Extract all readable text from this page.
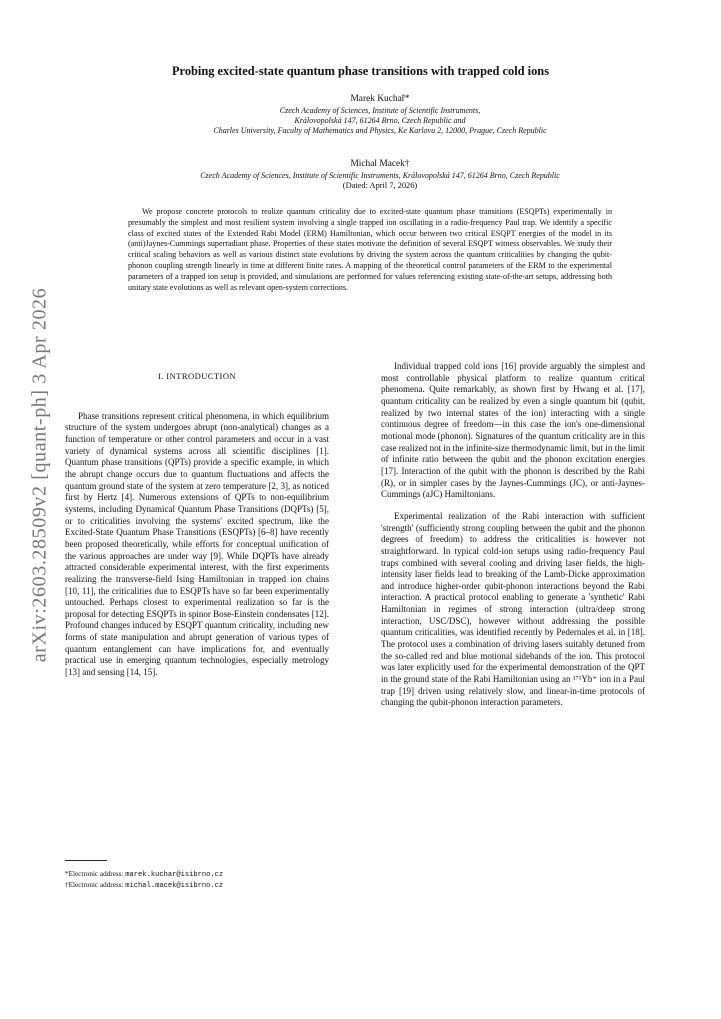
arXiv:2603.28509v2 [quant-ph] 3 Apr 2026
Probing excited-state quantum phase transitions with trapped cold ions
Marek Kuchař*
Czech Academy of Sciences, Institute of Scientific Instruments,
Královopolská 147, 61264 Brno, Czech Republic and
Charles University, Faculty of Mathematics and Physics, Ke Karlovu 2, 12000, Prague, Czech Republic
Michal Macek†
Czech Academy of Sciences, Institute of Scientific Instruments, Královopolská 147, 61264 Brno, Czech Republic
(Dated: April 7, 2026)
We propose concrete protocols to realize quantum criticality due to excited-state quantum phase transitions (ESQPTs) experimentally in presumably the simplest and most resilient system involving a single trapped ion oscillating in a radio-frequency Paul trap. We identify a specific class of excited states of the Extended Rabi Model (ERM) Hamiltonian, which occur between two critical ESQPT energies of the model in its (anti)Jaynes-Cummings superradiant phase. Properties of these states motivate the definition of several ESQPT witness observables. We study their critical scaling behaviors as well as various distinct state evolutions by driving the system across the quantum criticalities by changing the qubit-phonon coupling strength linearly in time at different finite rates. A mapping of the theoretical control parameters of the ERM to the experimental parameters of a trapped ion setup is provided, and simulations are performed for values referencing existing state-of-the-art setups, addressing both unitary state evolutions as well as relevant open-system corrections.
I. INTRODUCTION

Phase transitions represent critical phenomena, in which equilibrium structure of the system undergoes abrupt (non-analytical) changes as a function of temperature or other control parameters and occur in a vast variety of dynamical systems across all scientific disciplines [1]. Quantum phase transitions (QPTs) provide a specific example, in which the abrupt change occurs due to quantum fluctuations and affects the quantum ground state of the system at zero temperature [2, 3], as noticed first by Hertz [4]. Numerous extensions of QPTs to non-equilibrium systems, including Dynamical Quantum Phase Transitions (DQPTs) [5], or to criticalities involving the systems' excited spectrum, like the Excited-State Quantum Phase Transitions (ESQPTs) [6–8] have recently been proposed theoretically, while efforts for conceptual unification of the various approaches are under way [9]. While DQPTs have already attracted considerable experimental interest, with the first experiments realizing the transverse-field Ising Hamiltonian in trapped ion chains [10, 11], the criticalities due to ESQPTs have so far been experimentally untouched. Perhaps closest to experimental realization so far is the proposal for detecting ESQPTs in spinor Bose-Einstein condensates [12]. Profound changes induced by ESQPT quantum criticality, including new forms of state manipulation and abrupt generation of various types of quantum entanglement can have implications for, and eventually practical use in emerging quantum technologies, especially metrology [13] and sensing [14, 15].

Individual trapped cold ions [16] provide arguably the simplest and most controllable physical platform to realize quantum critical phenomena. Quite remarkably, as shown first by Hwang et al. [17], quantum criticality can be realized by even a single quantum bit (qubit, realized by two internal states of the ion) interacting with a single continuous degree of freedom—in this case the ion's one-dimensional motional mode (phonon). Signatures of the quantum criticality are in this case realized not in the infinite-size thermodynamic limit, but in the limit of infinite ratio between the qubit and the phonon excitation energies [17]. Interaction of the qubit with the phonon is described by the Rabi (R), or in simpler cases by the Jaynes-Cummings (JC), or anti-Jaynes-Cummings (aJC) Hamiltonians.

Experimental realization of the Rabi interaction with sufficient 'strength' (sufficiently strong coupling between the qubit and the phonon degrees of freedom) to address the criticalities is however not straightforward. In typical cold-ion setups using radio-frequency Paul traps combined with several cooling and driving laser fields, the high-intensity laser fields lead to breaking of the Lamb-Dicke approximation and introduce higher-order qubit-phonon interactions beyond the Rabi interaction. A practical protocol enabling to generate a 'synthetic' Rabi Hamiltonian in regimes of strong interaction (ultra/deep strong interaction, USC/DSC), however without addressing the possible quantum criticalities, was identified recently by Pedernales et al. in [18]. The protocol uses a combination of driving lasers suitably detuned from the so-called red and blue motional sidebands of the ion. This protocol was later explicitly used for the experimental demonstration of the QPT in the ground state of the Rabi Hamiltonian using an ¹⁷¹Yb⁺ ion in a Paul trap [19] driven using relatively slow, and linear-in-time protocols of changing the qubit-phonon interaction parameters.

*Electronic address: marek.kuchar@isibrno.cz
†Electronic address: michal.macek@isibrno.cz
